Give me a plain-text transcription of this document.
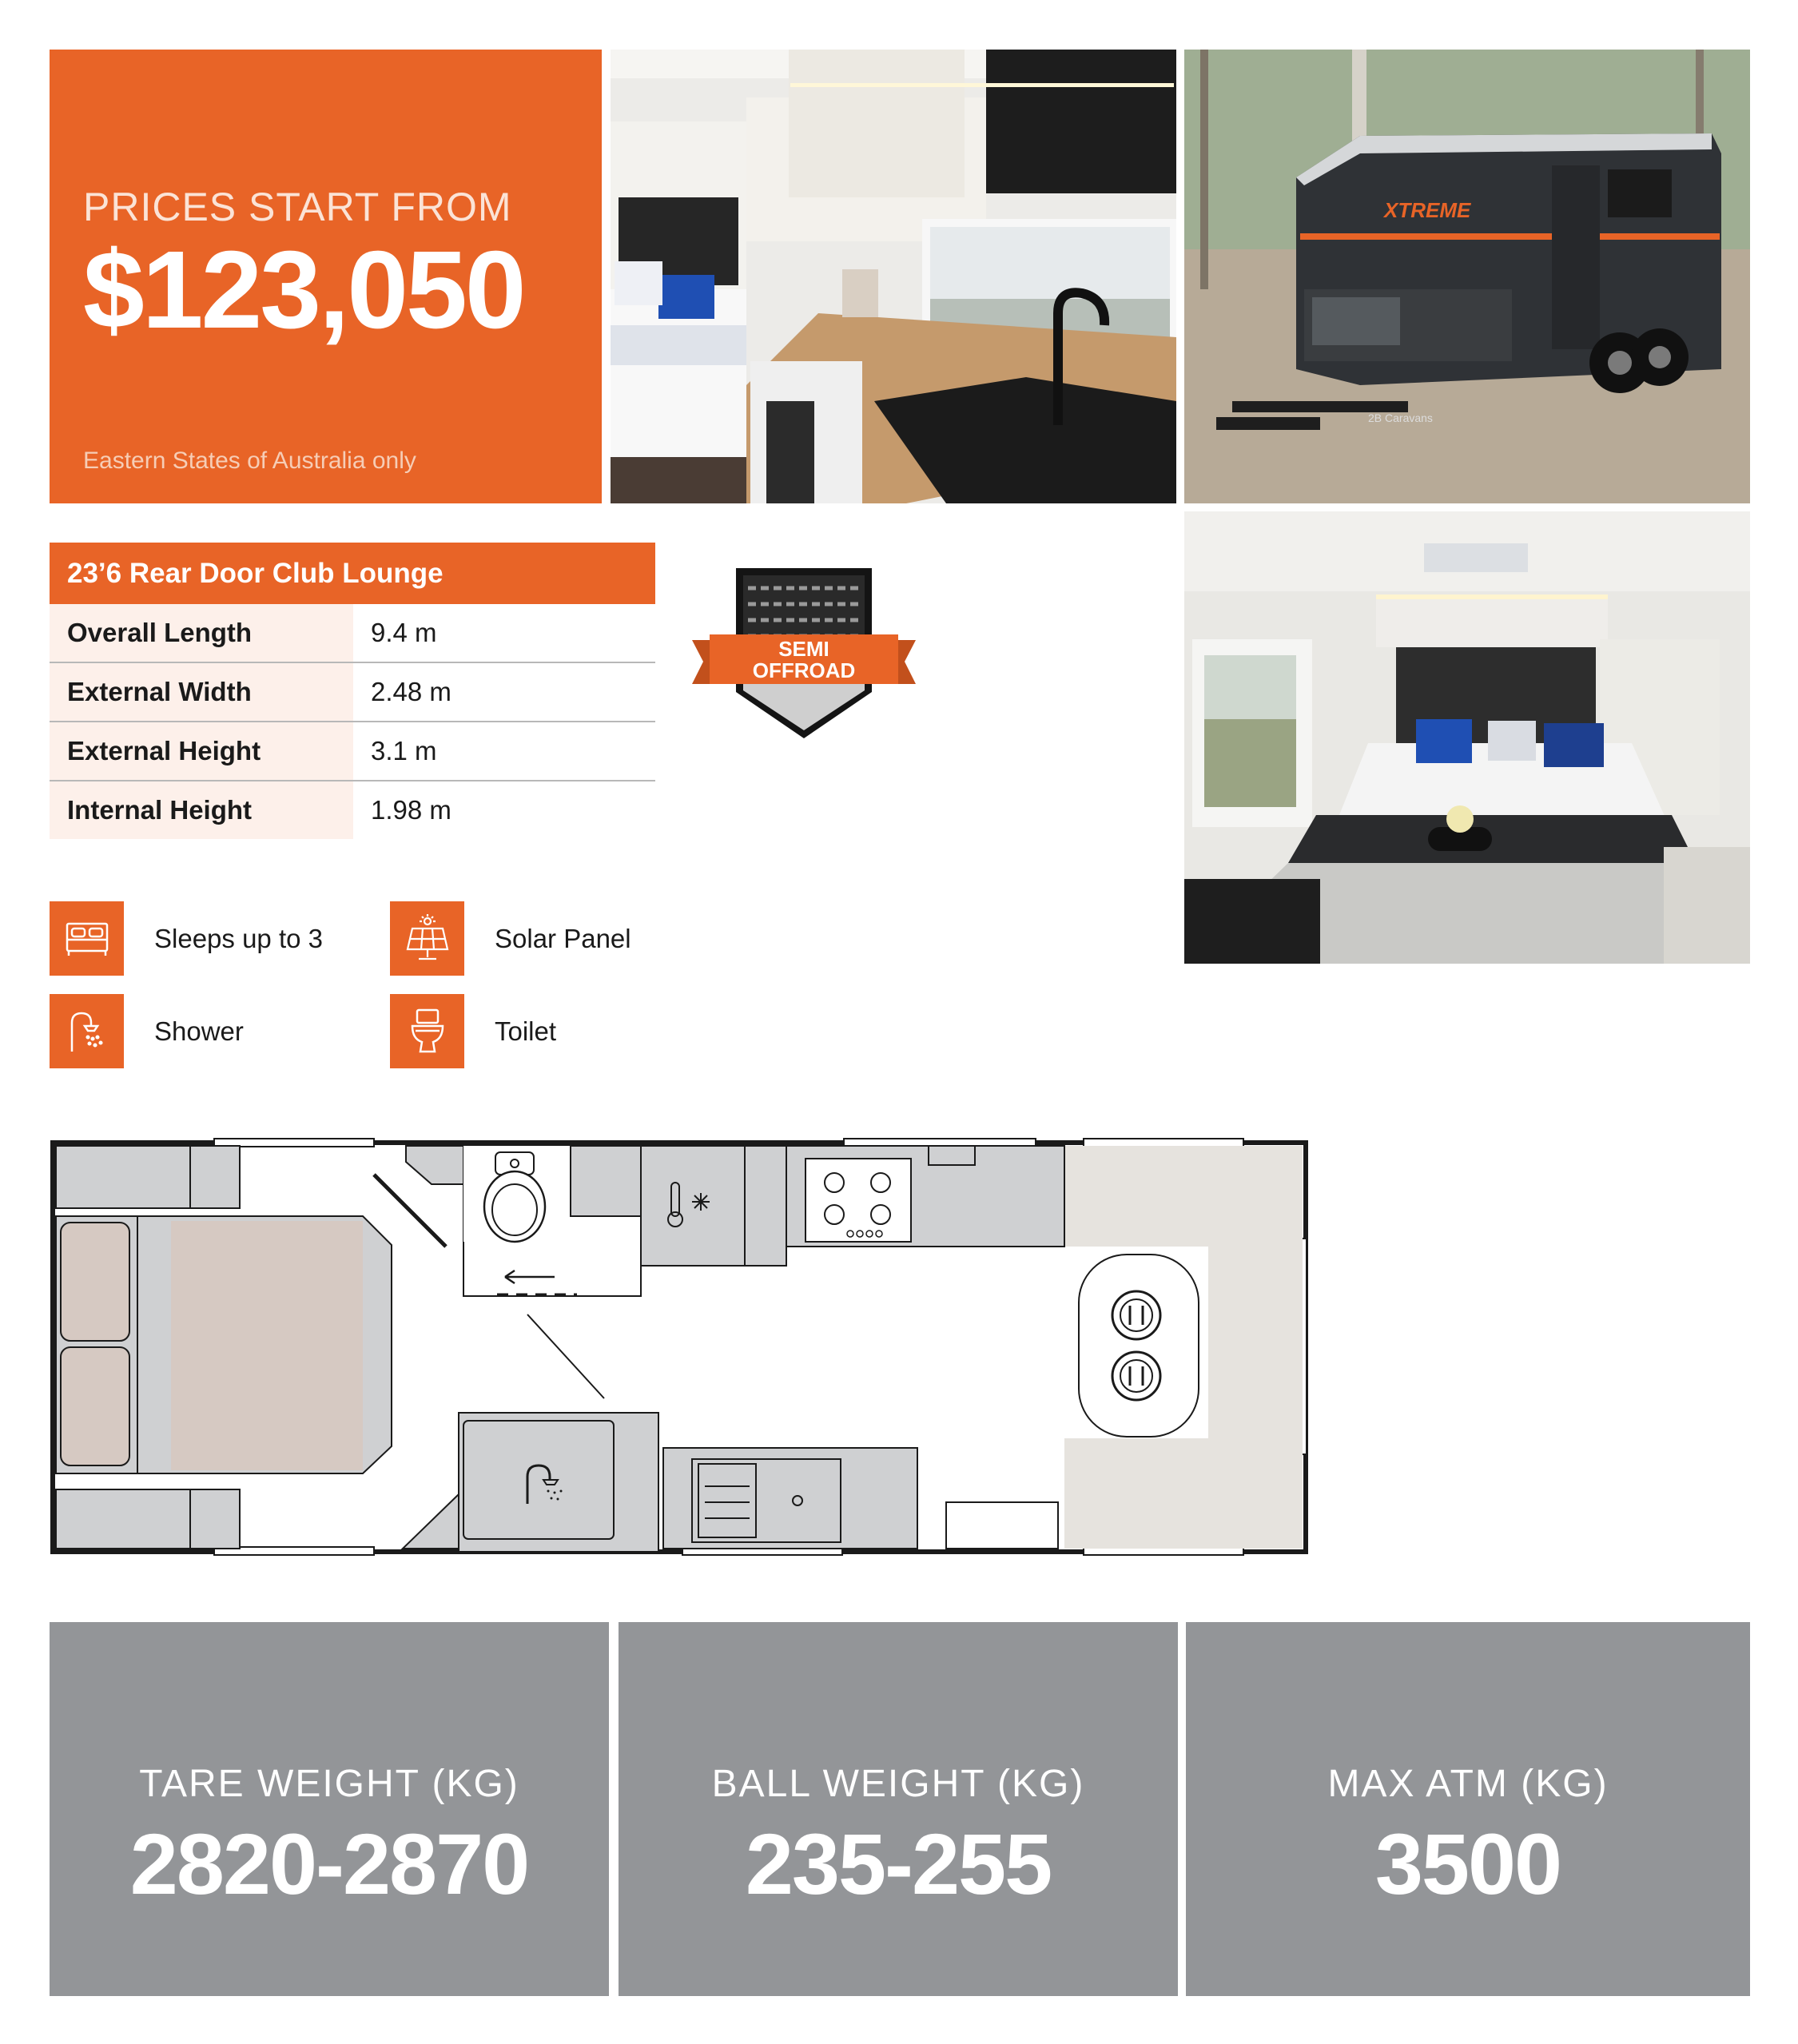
PRICES START FROM
$123,050
Eastern States of Australia only
XTREME
2B Caravans
23’6 Rear Door Club Lounge
Overall Length	9.4 m
External Width	2.48 m
External Height	3.1 m
Internal Height	1.98 m
SEMI
OFFROAD
Sleeps up to 3	Solar Panel
Shower	Toilet
TARE WEIGHT (KG)
2820-2870
BALL WEIGHT (KG)
235-255
MAX ATM (KG)
3500
